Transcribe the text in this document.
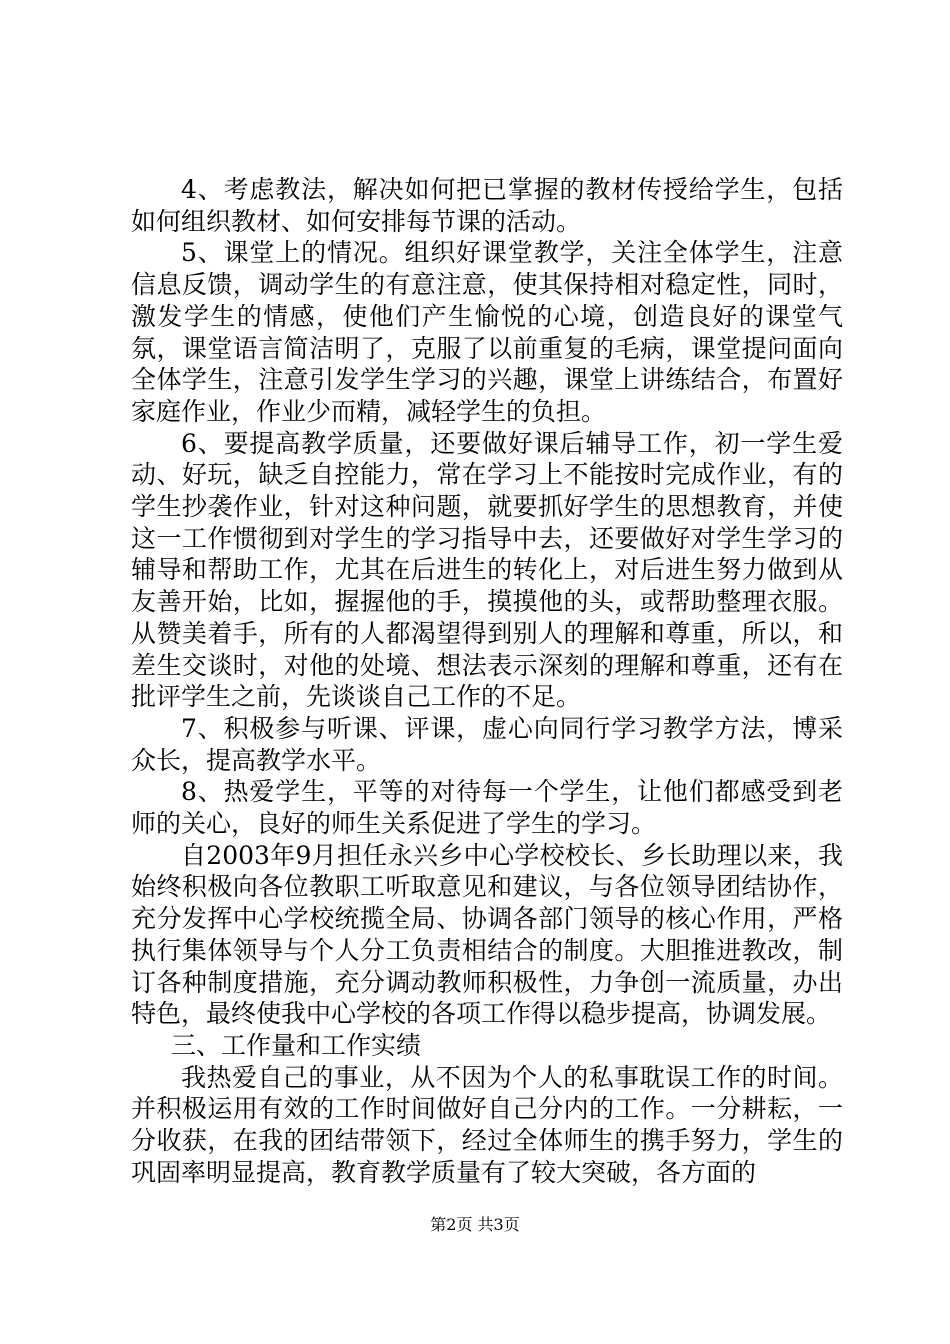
4、考虑教法，解决如何把已掌握的教材传授给学生，包括如何组织教材、如何安排每节课的活动。

5、课堂上的情况。组织好课堂教学，关注全体学生，注意信息反馈，调动学生的有意注意，使其保持相对稳定性，同时，激发学生的情感，使他们产生愉悦的心境，创造良好的课堂气氛，课堂语言简洁明了，克服了以前重复的毛病，课堂提问面向全体学生，注意引发学生学习的兴趣，课堂上讲练结合，布置好家庭作业，作业少而精，减轻学生的负担。

6、要提高教学质量，还要做好课后辅导工作，初一学生爱动、好玩，缺乏自控能力，常在学习上不能按时完成作业，有的学生抄袭作业，针对这种问题，就要抓好学生的思想教育，并使这一工作惯彻到对学生的学习指导中去，还要做好对学生学习的辅导和帮助工作，尤其在后进生的转化上，对后进生努力做到从友善开始，比如，握握他的手，摸摸他的头，或帮助整理衣服。从赞美着手，所有的人都渴望得到别人的理解和尊重，所以，和差生交谈时，对他的处境、想法表示深刻的理解和尊重，还有在批评学生之前，先谈谈自己工作的不足。

7、积极参与听课、评课，虚心向同行学习教学方法，博采众长，提高教学水平。

8、热爱学生，平等的对待每一个学生，让他们都感受到老师的关心，良好的师生关系促进了学生的学习。

自2003年9月担任永兴乡中心学校校长、乡长助理以来，我始终积极向各位教职工听取意见和建议，与各位领导团结协作，充分发挥中心学校统揽全局、协调各部门领导的核心作用，严格执行集体领导与个人分工负责相结合的制度。大胆推进教改，制订各种制度措施，充分调动教师积极性，力争创一流质量，办出特色，最终使我中心学校的各项工作得以稳步提高，协调发展。

三、工作量和工作实绩

我热爱自己的事业，从不因为个人的私事耽误工作的时间。并积极运用有效的工作时间做好自己分内的工作。一分耕耘，一分收获，在我的团结带领下，经过全体师生的携手努力，学生的巩固率明显提高，教育教学质量有了较大突破，各方面的

第2页 共3页
